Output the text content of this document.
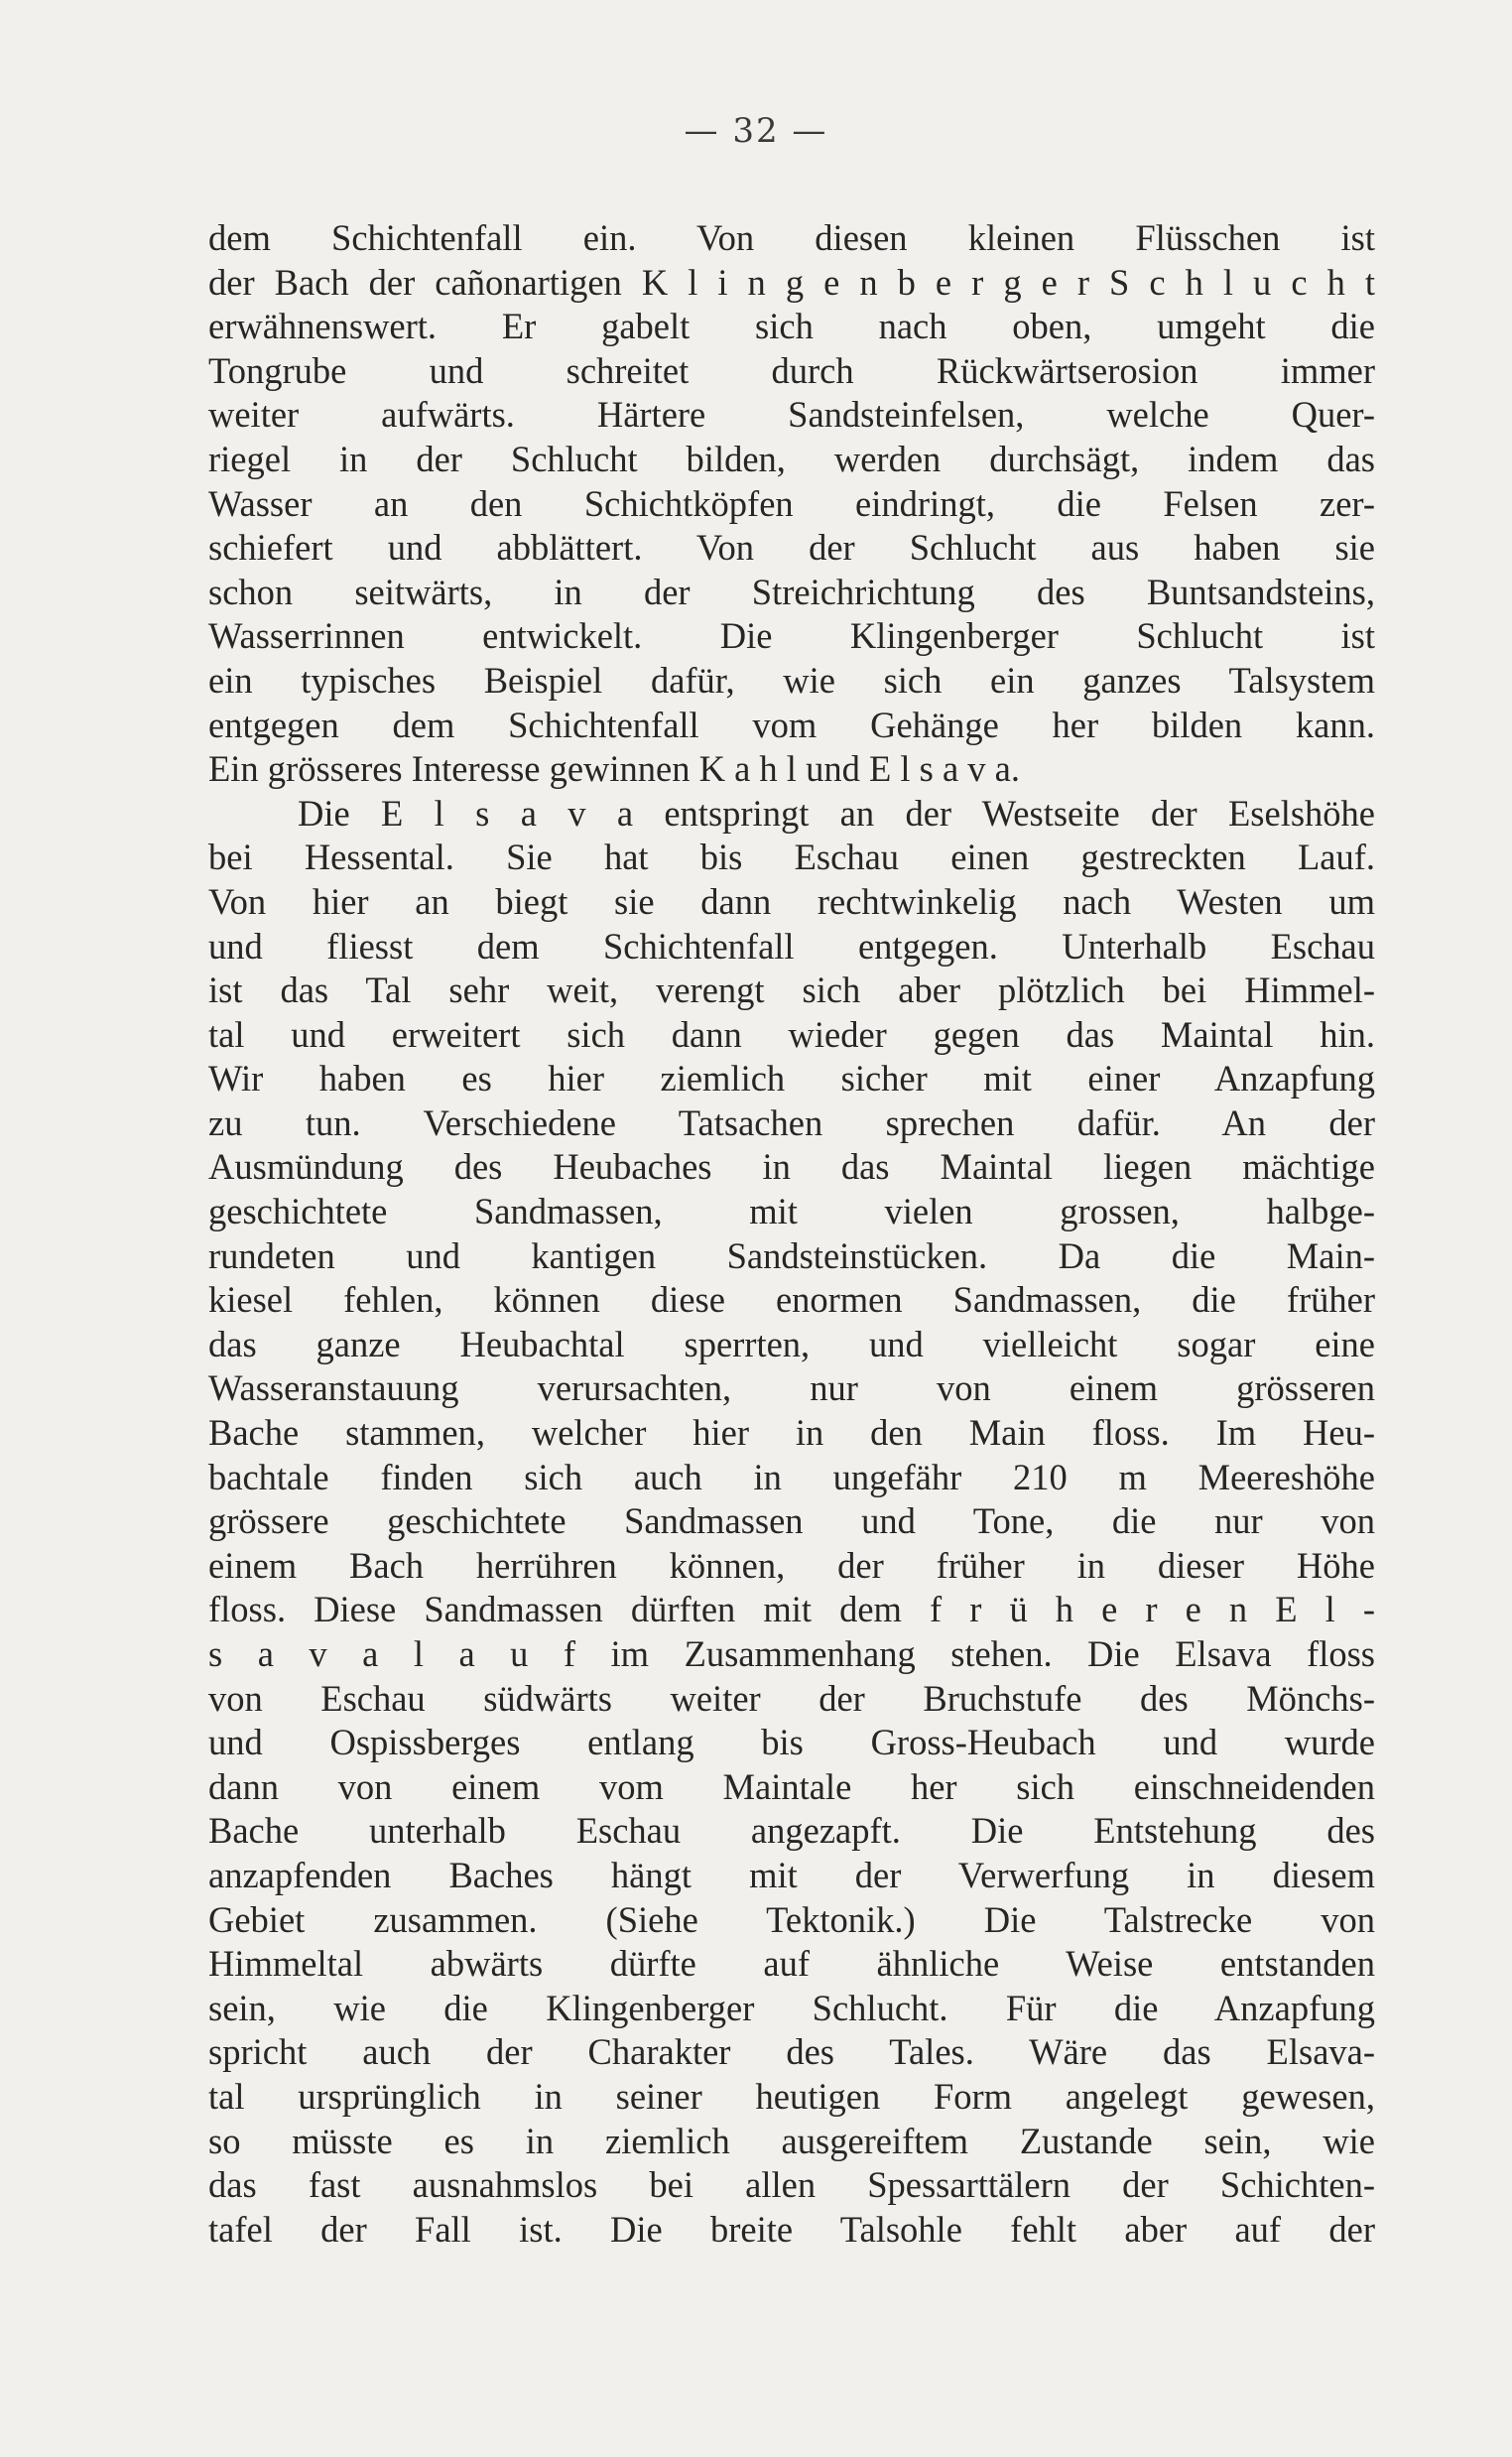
— 32 —
dem Schichtenfall ein. Von diesen kleinen Flüsschen ist
der Bach der cañonartigen K l i n g e n b e r g e r S c h l u c h t
erwähnenswert. Er gabelt sich nach oben, umgeht die
Tongrube und schreitet durch Rückwärtserosion immer
weiter aufwärts. Härtere Sandsteinfelsen, welche Quer-
riegel in der Schlucht bilden, werden durchsägt, indem das
Wasser an den Schichtköpfen eindringt, die Felsen zer-
schiefert und abblättert. Von der Schlucht aus haben sie
schon seitwärts, in der Streichrichtung des Buntsandsteins,
Wasserrinnen entwickelt. Die Klingenberger Schlucht ist
ein typisches Beispiel dafür, wie sich ein ganzes Talsystem
entgegen dem Schichtenfall vom Gehänge her bilden kann.
Ein grösseres Interesse gewinnen K a h l und E l s a v a.
Die E l s a v a entspringt an der Westseite der Eselshöhe
bei Hessental. Sie hat bis Eschau einen gestreckten Lauf.
Von hier an biegt sie dann rechtwinkelig nach Westen um
und fliesst dem Schichtenfall entgegen. Unterhalb Eschau
ist das Tal sehr weit, verengt sich aber plötzlich bei Himmel-
tal und erweitert sich dann wieder gegen das Maintal hin.
Wir haben es hier ziemlich sicher mit einer Anzapfung
zu tun. Verschiedene Tatsachen sprechen dafür. An der
Ausmündung des Heubaches in das Maintal liegen mächtige
geschichtete Sandmassen, mit vielen grossen, halbge-
rundeten und kantigen Sandsteinstücken. Da die Main-
kiesel fehlen, können diese enormen Sandmassen, die früher
das ganze Heubachtal sperrten, und vielleicht sogar eine
Wasseranstauung verursachten, nur von einem grösseren
Bache stammen, welcher hier in den Main floss. Im Heu-
bachtale finden sich auch in ungefähr 210 m Meereshöhe
grössere geschichtete Sandmassen und Tone, die nur von
einem Bach herrühren können, der früher in dieser Höhe
floss. Diese Sandmassen dürften mit dem f r ü h e r e n E l -
s a v a l a u f im Zusammenhang stehen. Die Elsava floss
von Eschau südwärts weiter der Bruchstufe des Mönchs-
und Ospissberges entlang bis Gross-Heubach und wurde
dann von einem vom Maintale her sich einschneidenden
Bache unterhalb Eschau angezapft. Die Entstehung des
anzapfenden Baches hängt mit der Verwerfung in diesem
Gebiet zusammen. (Siehe Tektonik.) Die Talstrecke von
Himmeltal abwärts dürfte auf ähnliche Weise entstanden
sein, wie die Klingenberger Schlucht. Für die Anzapfung
spricht auch der Charakter des Tales. Wäre das Elsava-
tal ursprünglich in seiner heutigen Form angelegt gewesen,
so müsste es in ziemlich ausgereiftem Zustande sein, wie
das fast ausnahmslos bei allen Spessarttälern der Schichten-
tafel der Fall ist. Die breite Talsohle fehlt aber auf der
